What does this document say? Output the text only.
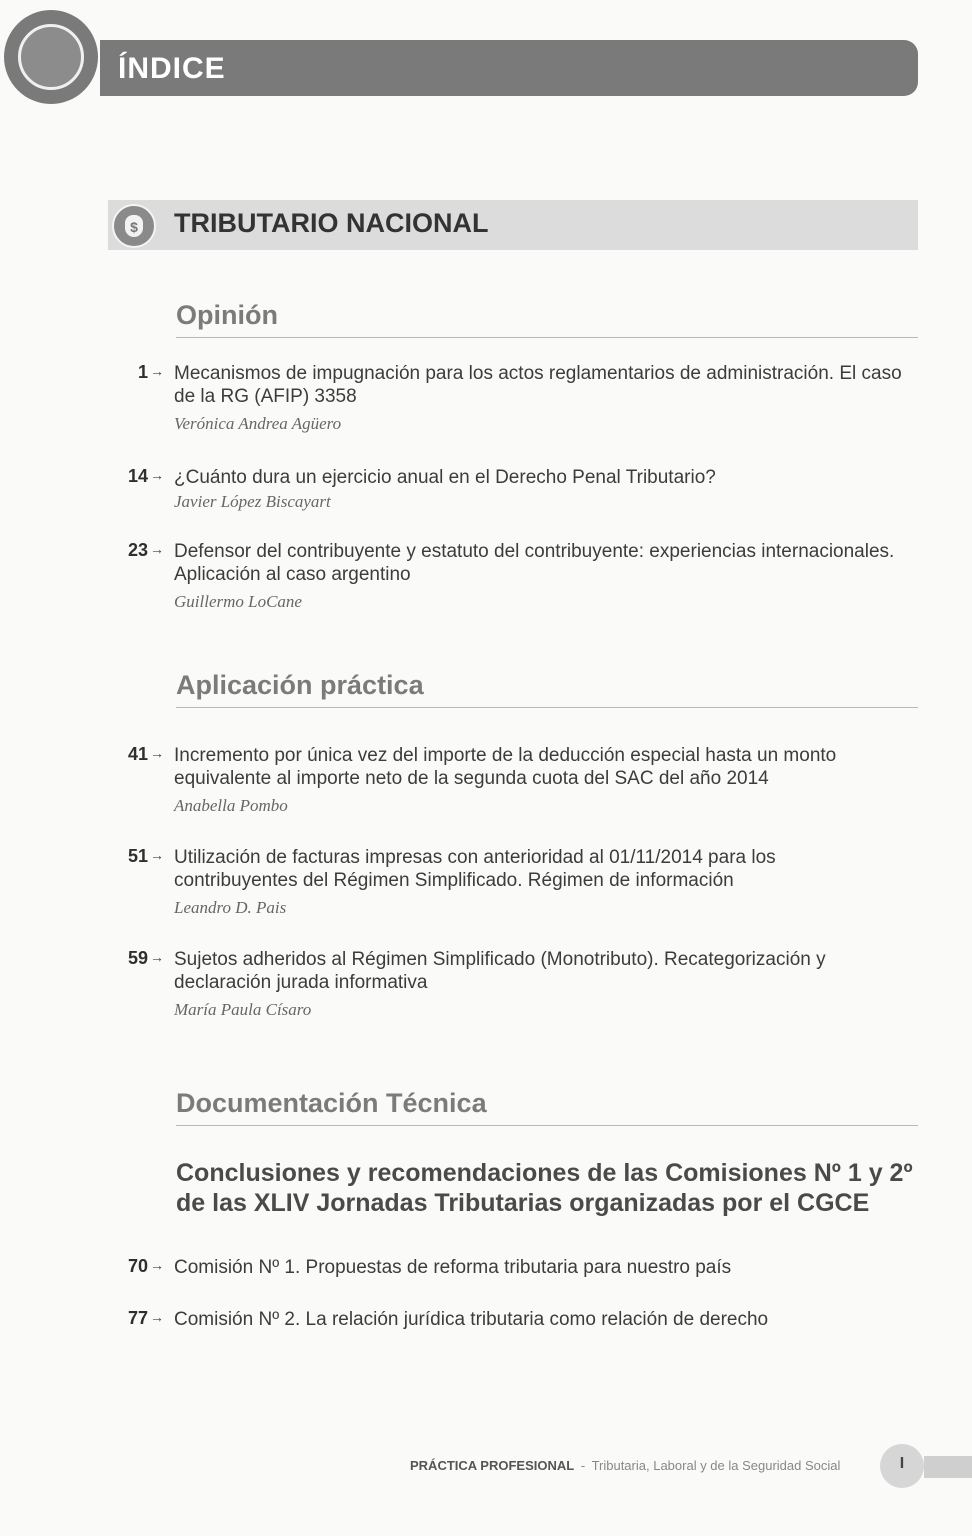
ÍNDICE
$ TRIBUTARIO NACIONAL
Opinión
1 → Mecanismos de impugnación para los actos reglamentarios de administración. El caso de la RG (AFIP) 3358
Verónica Andrea Agüero
14 → ¿Cuánto dura un ejercicio anual en el Derecho Penal Tributario?
Javier López Biscayart
23 → Defensor del contribuyente y estatuto del contribuyente: experiencias internacionales. Aplicación al caso argentino
Guillermo LoCane
Aplicación práctica
41 → Incremento por única vez del importe de la deducción especial hasta un monto equivalente al importe neto de la segunda cuota del SAC del año 2014
Anabella Pombo
51 → Utilización de facturas impresas con anterioridad al 01/11/2014 para los contribuyentes del Régimen Simplificado. Régimen de información
Leandro D. Pais
59 → Sujetos adheridos al Régimen Simplificado (Monotributo). Recategorización y declaración jurada informativa
María Paula Císaro
Documentación Técnica
Conclusiones y recomendaciones de las Comisiones Nº 1 y 2º de las XLIV Jornadas Tributarias organizadas por el CGCE
70 → Comisión Nº 1. Propuestas de reforma tributaria para nuestro país
77 → Comisión Nº 2. La relación jurídica tributaria como relación de derecho
PRÁCTICA PROFESIONAL - Tributaria, Laboral y de la Seguridad Social	I
